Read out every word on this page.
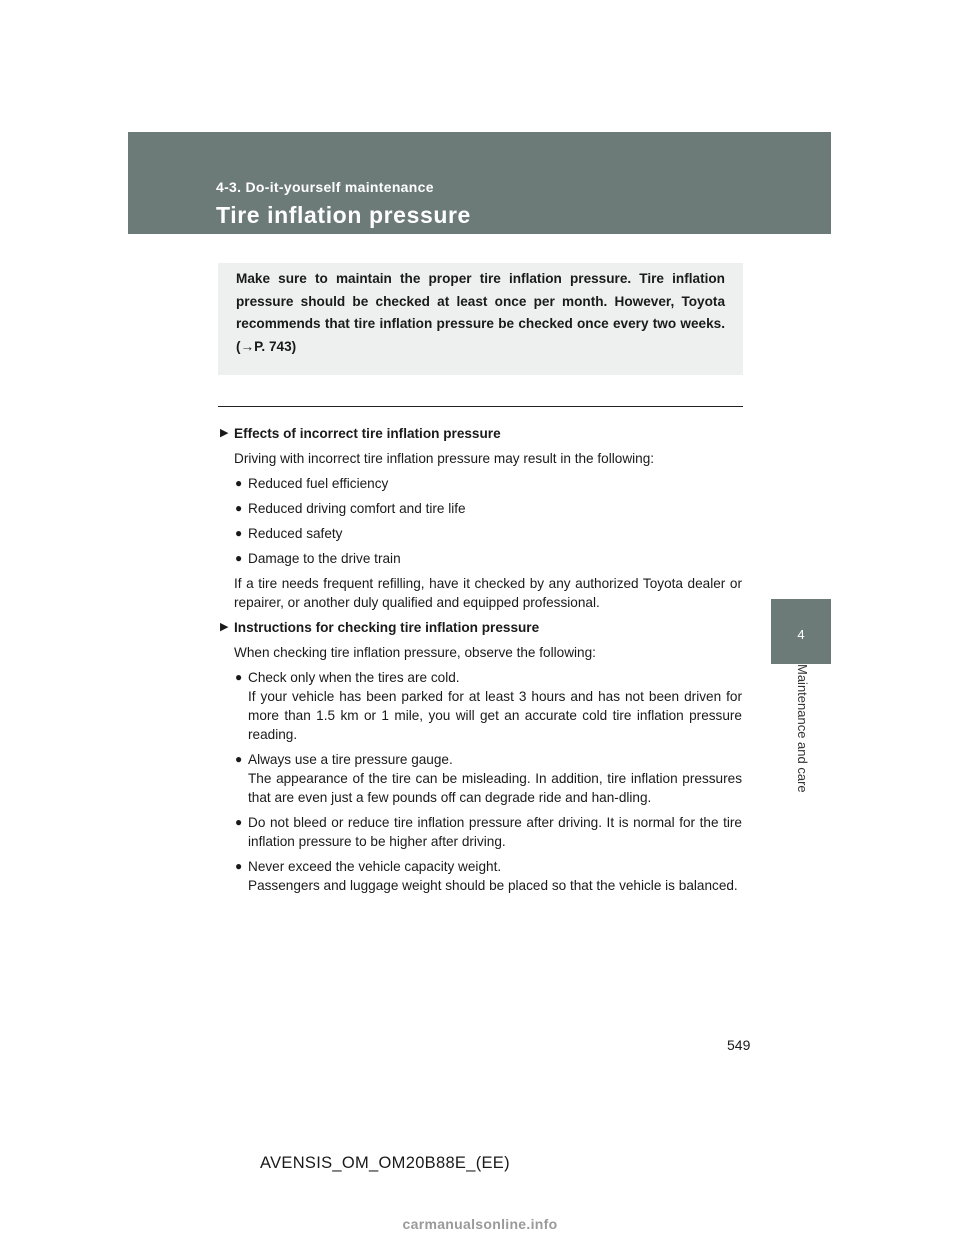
4-3. Do-it-yourself maintenance
Tire inflation pressure
4
Maintenance and care
Make sure to maintain the proper tire inflation pressure. Tire inflation pressure should be checked at least once per month. However, Toyota recommends that tire inflation pressure be checked once every two weeks. (→P. 743)
▶ Effects of incorrect tire inflation pressure
Driving with incorrect tire inflation pressure may result in the following:
● Reduced fuel efficiency
● Reduced driving comfort and tire life
● Reduced safety
● Damage to the drive train
If a tire needs frequent refilling, have it checked by any authorized Toyota dealer or repairer, or another duly qualified and equipped professional.
▶ Instructions for checking tire inflation pressure
When checking tire inflation pressure, observe the following:
● Check only when the tires are cold.
If your vehicle has been parked for at least 3 hours and has not been driven for more than 1.5 km or 1 mile, you will get an accurate cold tire inflation pressure reading.
● Always use a tire pressure gauge.
The appearance of the tire can be misleading. In addition, tire inflation pressures that are even just a few pounds off can degrade ride and han-dling.
● Do not bleed or reduce tire inflation pressure after driving. It is normal for the tire inflation pressure to be higher after driving.
● Never exceed the vehicle capacity weight.
Passengers and luggage weight should be placed so that the vehicle is balanced.
549
AVENSIS_OM_OM20B88E_(EE)
carmanualsonline.info
